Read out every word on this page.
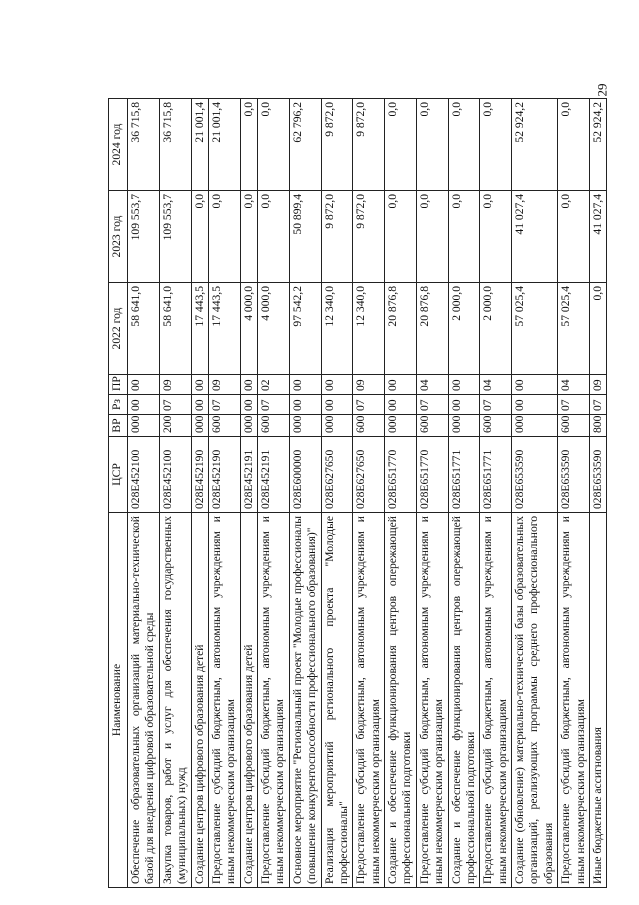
29
Наименование	ЦСР	ВР	Рз	ПР	2022 год	2023 год	2024 год
Обеспечение образовательных организаций материально-технической базой для внедрения цифровой образовательной среды	028E452100	000	00	00	58 641,0	109 553,7	36 715,8
Закупка товаров, работ и услуг для обеспечения государственных (муниципальных) нужд	028E452100	200	07	09	58 641,0	109 553,7	36 715,8
Создание центров цифрового образования детей	028E452190	000	00	00	17 443,5	0,0	21 001,4
Предоставление субсидий бюджетным, автономным учреждениям и иным некоммерческим организациям	028E452190	600	07	09	17 443,5	0,0	21 001,4
Создание центров цифрового образования детей	028E452191	000	00	00	4 000,0	0,0	0,0
Предоставление субсидий бюджетным, автономным учреждениям и иным некоммерческим организациям	028E452191	600	07	02	4 000,0	0,0	0,0
Основное мероприятие "Региональный проект "Молодые профессионалы (повышение конкурентоспособности профессионального образования)"	028E600000	000	00	00	97 542,2	50 899,4	62 796,2
Реализация мероприятий регионального проекта "Молодые профессионалы"	028E627650	000	00	00	12 340,0	9 872,0	9 872,0
Предоставление субсидий бюджетным, автономным учреждениям и иным некоммерческим организациям	028E627650	600	07	09	12 340,0	9 872,0	9 872,0
Создание и обеспечение функционирования центров опережающей профессиональной подготовки	028E651770	000	00	00	20 876,8	0,0	0,0
Предоставление субсидий бюджетным, автономным учреждениям и иным некоммерческим организациям	028E651770	600	07	04	20 876,8	0,0	0,0
Создание и обеспечение функционирования центров опережающей профессиональной подготовки	028E651771	000	00	00	2 000,0	0,0	0,0
Предоставление субсидий бюджетным, автономным учреждениям и иным некоммерческим организациям	028E651771	600	07	04	2 000,0	0,0	0,0
Создание (обновление) материально-технической базы образовательных организаций, реализующих программы среднего профессионального образования	028E653590	000	00	00	57 025,4	41 027,4	52 924,2
Предоставление субсидий бюджетным, автономным учреждениям и иным некоммерческим организациям	028E653590	600	07	04	57 025,4	0,0	0,0
Иные бюджетные ассигнования	028E653590	800	07	09	0,0	41 027,4	52 924,2
